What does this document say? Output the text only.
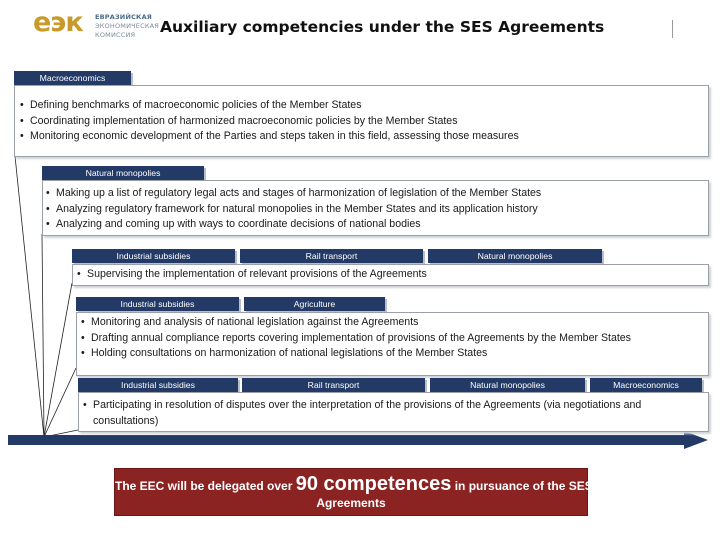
еэк ЕВРАЗИЙСКАЯ
ЭКОНОМИЧЕСКАЯ
КОМИССИЯ	Auxiliary competencies under the SES Agreements
Macroeconomics
• Defining benchmarks of macroeconomic policies of the Member States
• Coordinating implementation of harmonized macroeconomic policies by the Member States
• Monitoring economic development of the Parties and steps taken in this field, assessing those measures
Natural monopolies
• Making up a list of regulatory legal acts and stages of harmonization of legislation of the Member States
• Analyzing regulatory framework for natural monopolies in the Member States and its application history
• Analyzing and coming up with ways to coordinate decisions of national bodies
Industrial subsidies	Rail transport	Natural monopolies
• Supervising the implementation of relevant provisions of the Agreements
Industrial subsidies	Agriculture
• Monitoring and analysis of national legislation against the Agreements
• Drafting annual compliance reports covering implementation of provisions of the Agreements by the Member States
• Holding consultations on harmonization of national legislations of the Member States
Industrial subsidies	Rail transport	Natural monopolies	Macroeconomics
• Participating in resolution of disputes over the interpretation of the provisions of the Agreements (via negotiations and consultations)
The EEC will be delegated over 90 competences in pursuance of the SES
Agreements
